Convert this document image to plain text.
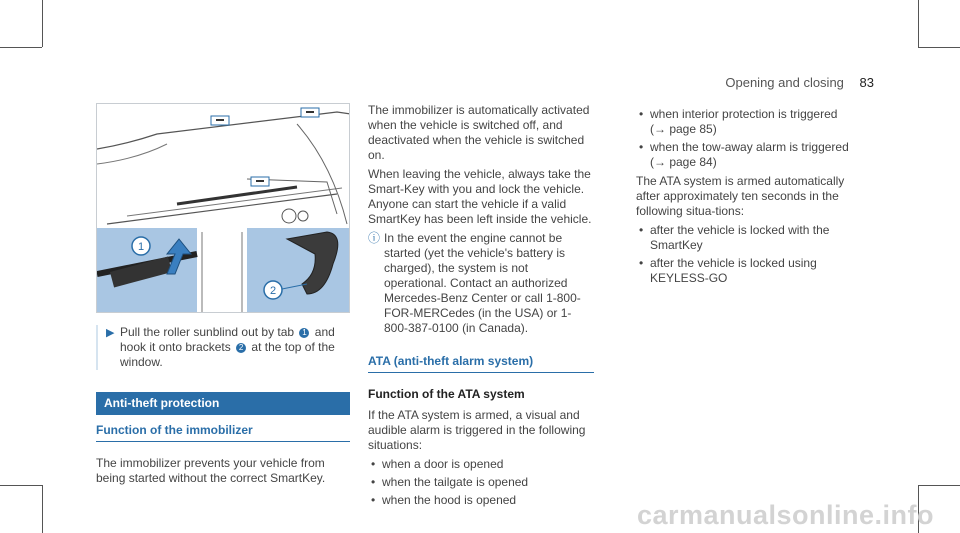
Opening and closing 83
1
2
▶ Pull the roller sunblind out by tab 1 and hook it onto brackets 2 at the top of the window.
Anti-theft protection
Function of the immobilizer

The immobilizer prevents your vehicle from being started without the correct SmartKey.

The immobilizer is automatically activated when the vehicle is switched off, and deactivated when the vehicle is switched on.

When leaving the vehicle, always take the Smart-Key with you and lock the vehicle. Anyone can start the vehicle if a valid SmartKey has been left inside the vehicle.

ⓘ In the event the engine cannot be started (yet the vehicle's battery is charged), the system is not operational. Contact an authorized Mercedes-Benz Center or call 1-800-FOR-MERCedes (in the USA) or 1-800-387-0100 (in Canada).
ATA (anti-theft alarm system)
Function of the ATA system

If the ATA system is armed, a visual and audible alarm is triggered in the following situations:

• when a door is opened
• when the tailgate is opened
• when the hood is opened
• when interior protection is triggered
(→ page 85)
• when the tow-away alarm is triggered
(→ page 84)

The ATA system is armed automatically after approximately ten seconds in the following situa-tions:

• after the vehicle is locked with the SmartKey
• after the vehicle is locked using KEYLESS-GO
carmanualsonline.info
